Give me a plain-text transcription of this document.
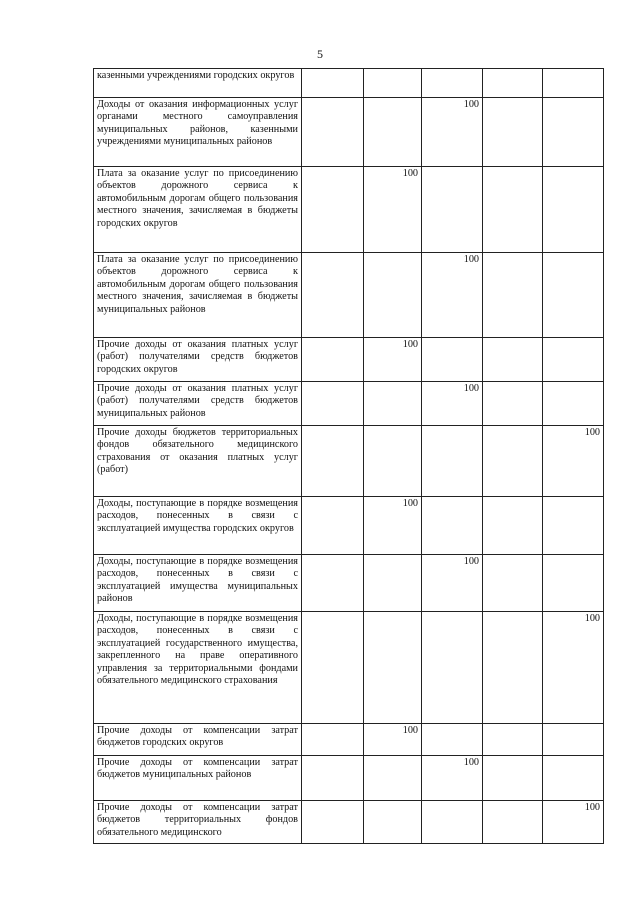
5
казенными учреждениями городских округов					
Доходы от оказания информационных услуг органами местного самоуправления муниципальных районов, казенными учреждениями муниципальных районов			100		
Плата за оказание услуг по присоединению объектов дорожного сервиса к автомобильным дорогам общего пользования местного значения, зачисляемая в бюджеты городских округов		100			
Плата за оказание услуг по присоединению объектов дорожного сервиса к автомобильным дорогам общего пользования местного значения, зачисляемая в бюджеты муниципальных районов			100		
Прочие доходы от оказания платных услуг (работ) получателями средств бюджетов городских округов		100			
Прочие доходы от оказания платных услуг (работ) получателями средств бюджетов муниципальных районов			100		
Прочие доходы бюджетов территориальных фондов обязательного медицинского страхования от оказания платных услуг (работ)					100
Доходы, поступающие в порядке возмещения расходов, понесенных в связи с эксплуатацией имущества городских округов		100			
Доходы, поступающие в порядке возмещения расходов, понесенных в связи с эксплуатацией имущества муниципальных районов			100		
Доходы, поступающие в порядке возмещения расходов, понесенных в связи с эксплуатацией государственного имущества, закрепленного на праве оперативного управления за территориальными фондами обязательного медицинского страхования					100
Прочие доходы от компенсации затрат бюджетов городских округов		100			
Прочие доходы от компенсации затрат бюджетов муниципальных районов			100		
Прочие доходы от компенсации затрат бюджетов территориальных фондов обязательного медицинского					100
